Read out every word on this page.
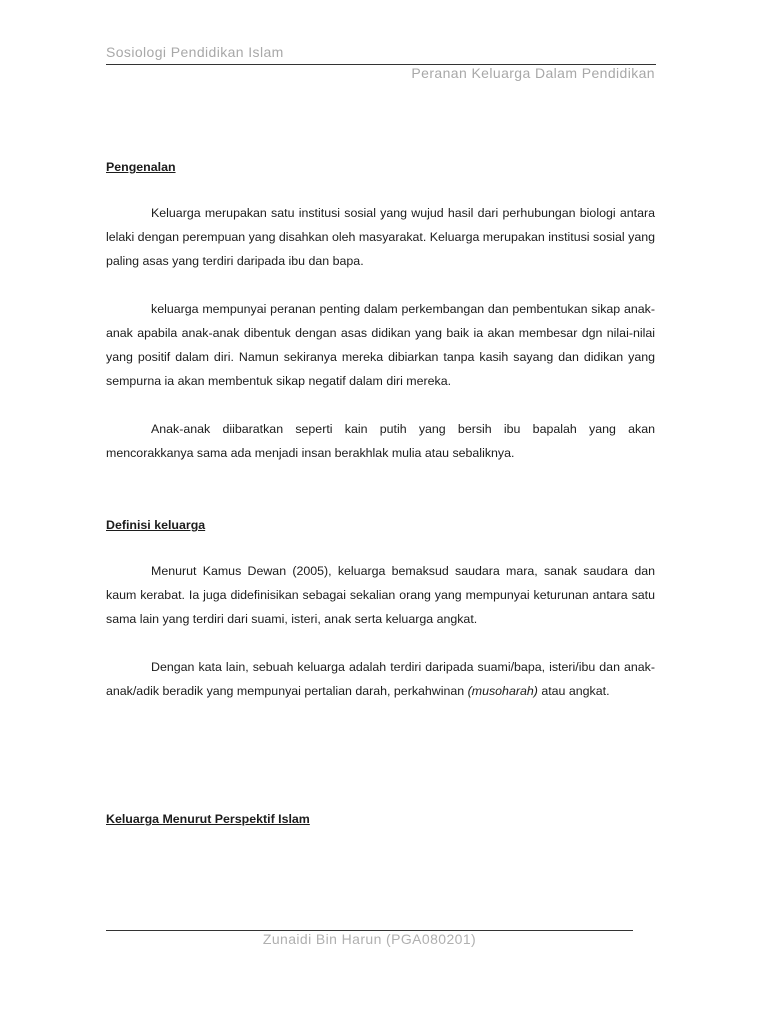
Sosiologi Pendidikan Islam
Peranan Keluarga Dalam Pendidikan

Pengenalan

Keluarga merupakan satu institusi sosial yang wujud hasil dari perhubungan biologi antara lelaki dengan perempuan yang disahkan oleh masyarakat. Keluarga merupakan institusi sosial yang paling asas yang terdiri daripada ibu dan bapa.

keluarga mempunyai peranan penting dalam perkembangan dan pembentukan sikap anak-anak apabila anak-anak dibentuk dengan asas didikan yang baik ia akan membesar dgn nilai-nilai yang positif dalam diri. Namun sekiranya mereka dibiarkan tanpa kasih sayang dan didikan yang sempurna ia akan membentuk sikap negatif dalam diri mereka.

Anak-anak diibaratkan seperti kain putih yang bersih ibu bapalah yang akan mencorakkanya sama ada menjadi insan berakhlak mulia atau sebaliknya.

Definisi keluarga

Menurut Kamus Dewan (2005), keluarga bemaksud saudara mara, sanak saudara dan kaum kerabat. Ia juga didefinisikan sebagai sekalian orang yang mempunyai keturunan antara satu sama lain yang terdiri dari suami, isteri, anak serta keluarga angkat.

Dengan kata lain, sebuah keluarga adalah terdiri daripada suami/bapa, isteri/ibu dan anak-anak/adik beradik yang mempunyai pertalian darah, perkahwinan (musoharah) atau angkat.

Keluarga Menurut Perspektif Islam

Zunaidi Bin Harun (PGA080201)
